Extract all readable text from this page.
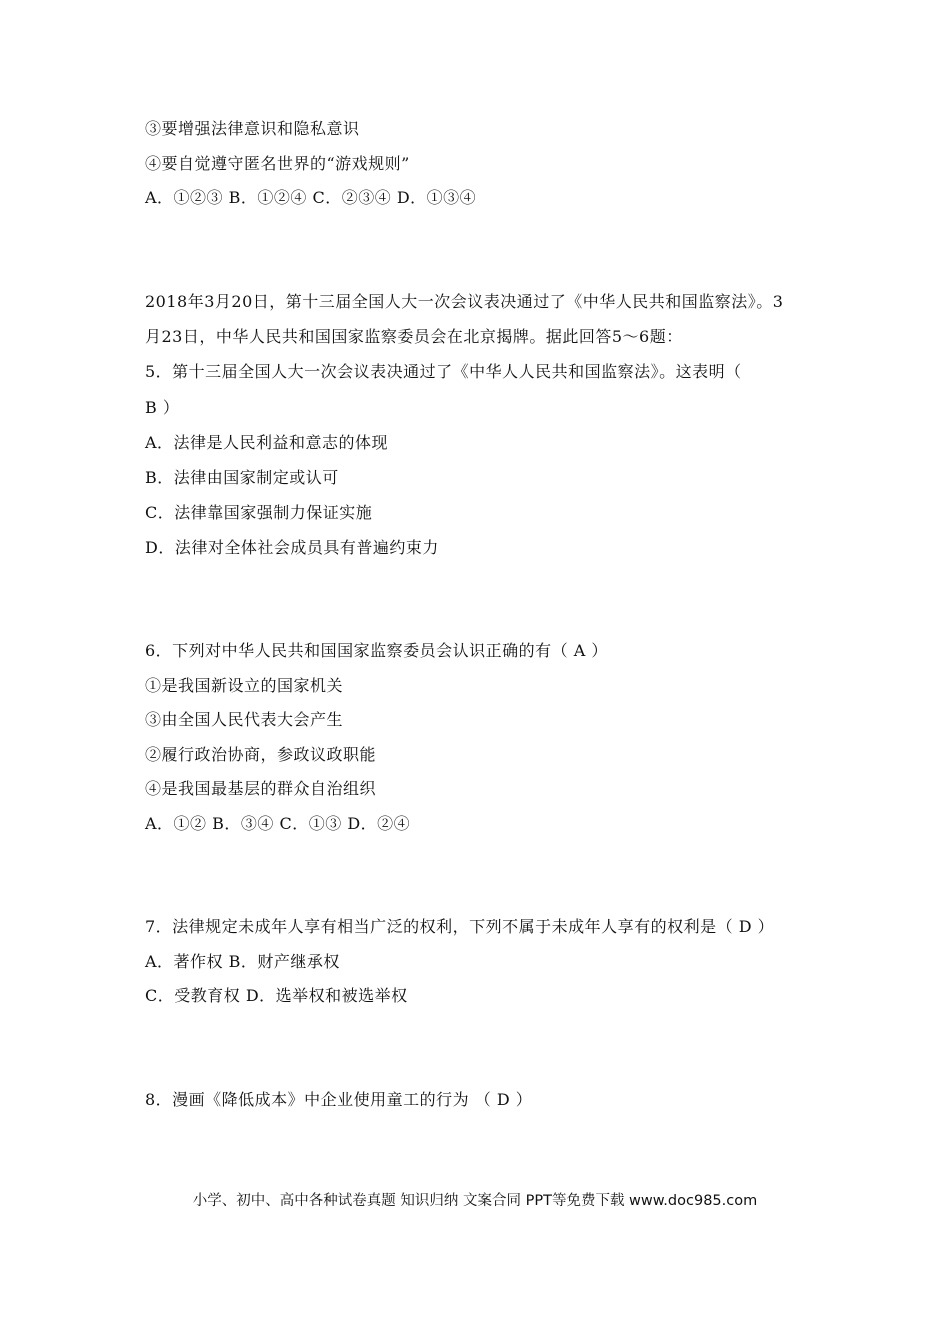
③要增强法律意识和隐私意识
④要自觉遵守匿名世界的“游戏规则”
A．①②③ B．①②④ C．②③④ D．①③④
2018年3月20日，第十三届全国人大一次会议表决通过了《中华人民共和国监察法》。3
月23日，中华人民共和国国家监察委员会在北京揭牌。据此回答5～6题：
5．第十三届全国人大一次会议表决通过了《中华人人民共和国监察法》。这表明（
B ）
A．法律是人民利益和意志的体现
B．法律由国家制定或认可
C．法律靠国家强制力保证实施
D．法律对全体社会成员具有普遍约束力
6．下列对中华人民共和国国家监察委员会认识正确的有（ A ）
①是我国新设立的国家机关
③由全国人民代表大会产生
②履行政治协商，参政议政职能
④是我国最基层的群众自治组织
A．①② B．③④ C．①③ D．②④
7．法律规定未成年人享有相当广泛的权利，下列不属于未成年人享有的权利是（ D ）
A．著作权 B．财产继承权
C．受教育权 D．选举权和被选举权
8．漫画《降低成本》中企业使用童工的行为 （ D ）
小学、初中、高中各种试卷真题 知识归纳 文案合同 PPT等免费下载 www.doc985.com
